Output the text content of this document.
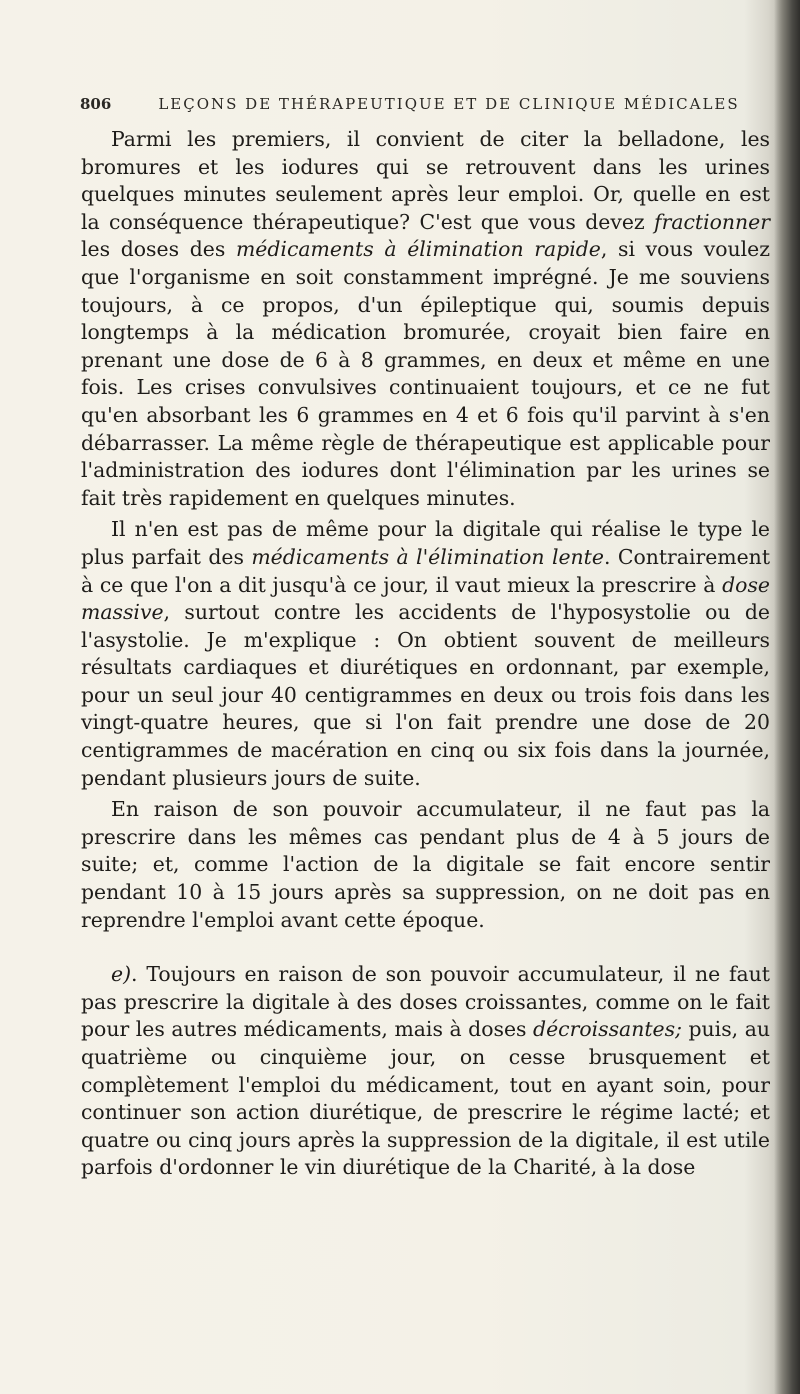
806	LEÇONS DE THÉRAPEUTIQUE ET DE CLINIQUE MÉDICALES

Parmi les premiers, il convient de citer la belladone, les bromures et les iodures qui se retrouvent dans les urines quelques minutes seulement après leur emploi. Or, quelle en est la conséquence thérapeutique? C'est que vous devez fractionner les doses des médicaments à élimination rapide, si vous voulez que l'organisme en soit constamment imprégné. Je me souviens toujours, à ce propos, d'un épileptique qui, soumis depuis longtemps à la médication bromurée, croyait bien faire en prenant une dose de 6 à 8 grammes, en deux et même en une fois. Les crises convulsives continuaient toujours, et ce ne fut qu'en absorbant les 6 grammes en 4 et 6 fois qu'il parvint à s'en débarrasser. La même règle de thérapeutique est applicable pour l'administration des iodures dont l'élimination par les urines se fait très rapidement en quelques minutes.

Il n'en est pas de même pour la digitale qui réalise le type le plus parfait des médicaments à l'élimination lente. Contrairement à ce que l'on a dit jusqu'à ce jour, il vaut mieux la prescrire à dose massive, surtout contre les accidents de l'hyposystolie ou de l'asystolie. Je m'explique : On obtient souvent de meilleurs résultats cardiaques et diurétiques en ordonnant, par exemple, pour un seul jour 40 centigrammes en deux ou trois fois dans les vingt-quatre heures, que si l'on fait prendre une dose de 20 centigrammes de macération en cinq ou six fois dans la journée, pendant plusieurs jours de suite.

En raison de son pouvoir accumulateur, il ne faut pas la prescrire dans les mêmes cas pendant plus de 4 à 5 jours de suite; et, comme l'action de la digitale se fait encore sentir pendant 10 à 15 jours après sa suppression, on ne doit pas en reprendre l'emploi avant cette époque.

e). Toujours en raison de son pouvoir accumulateur, il ne faut pas prescrire la digitale à des doses croissantes, comme on le fait pour les autres médicaments, mais à doses décroissantes; puis, au quatrième ou cinquième jour, on cesse brusquement et complètement l'emploi du médicament, tout en ayant soin, pour continuer son action diurétique, de prescrire le régime lacté; et quatre ou cinq jours après la suppression de la digitale, il est utile parfois d'ordonner le vin diurétique de la Charité, à la dose
